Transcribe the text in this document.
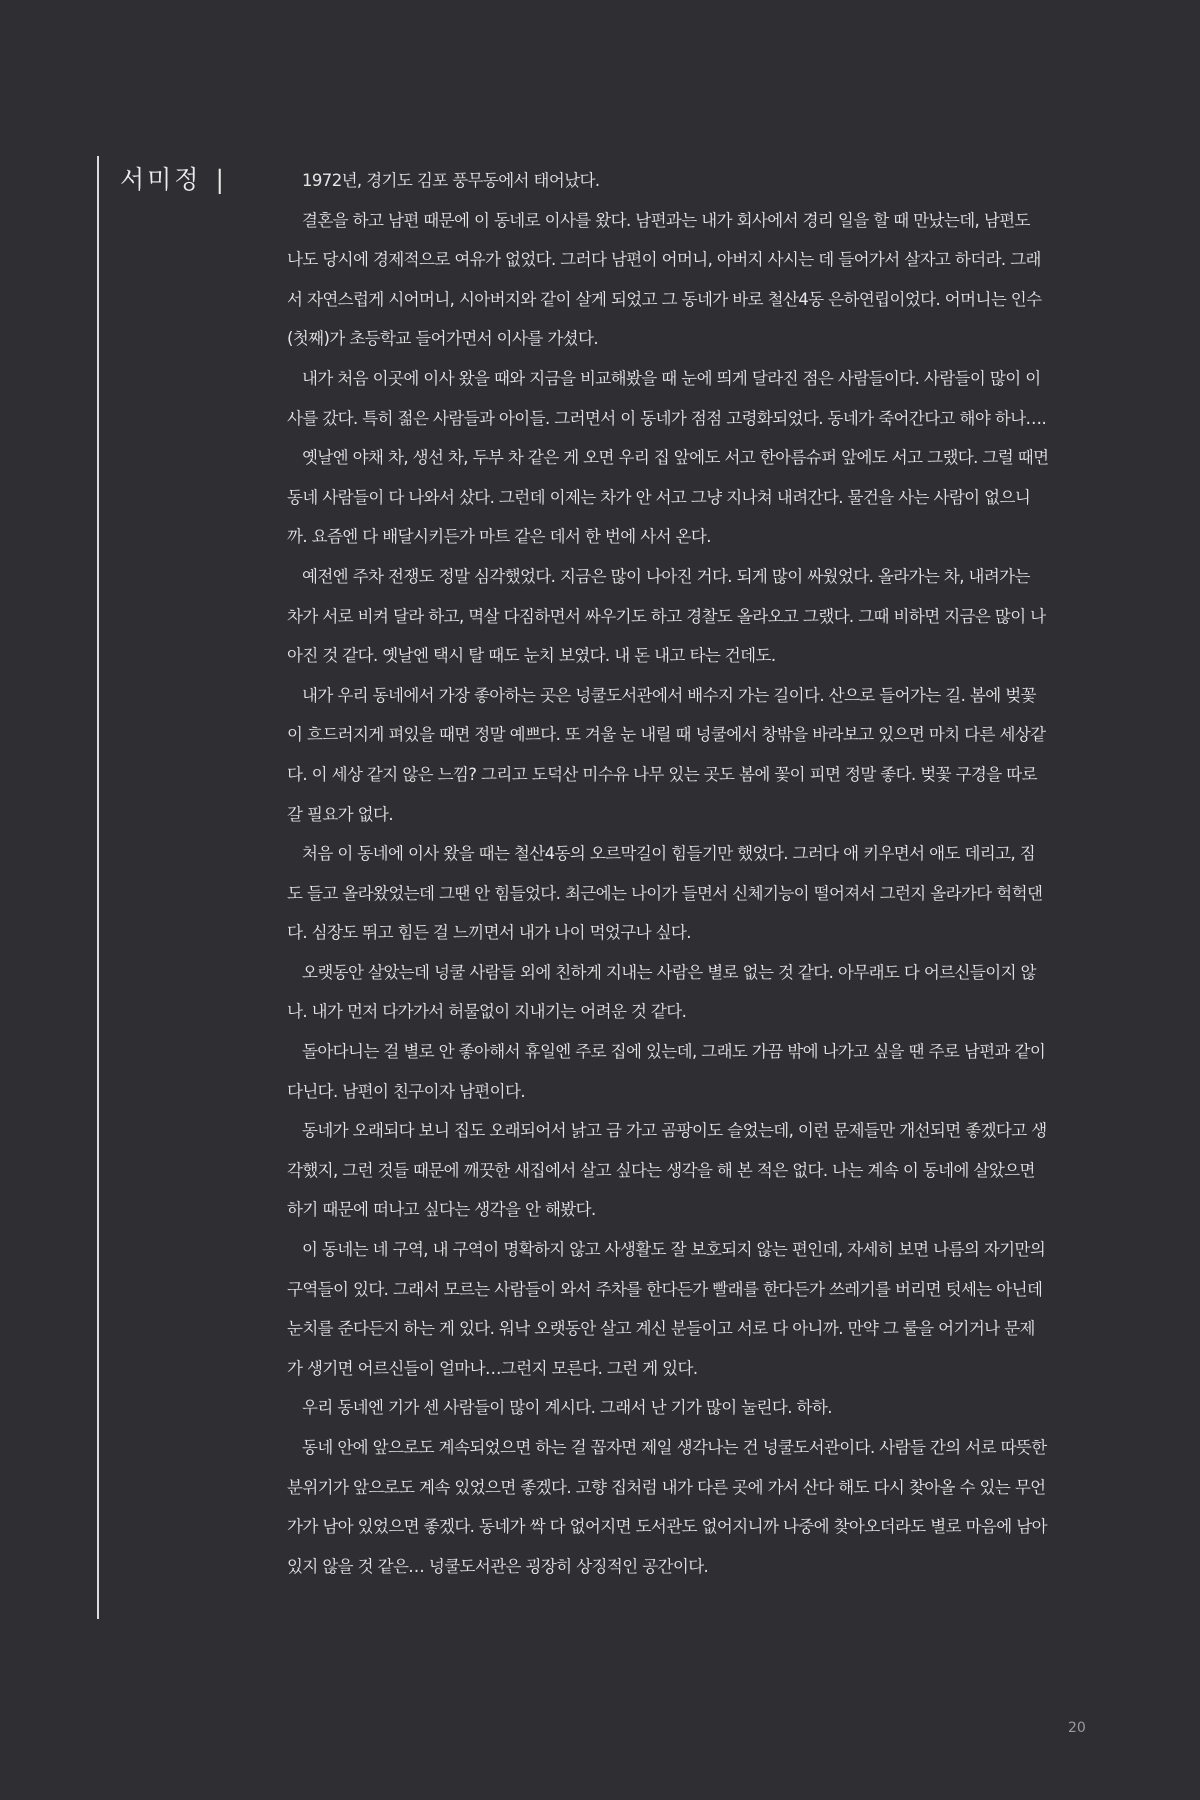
서미정 |	1972년, 경기도 김포 풍무동에서 태어났다.

결혼을 하고 남편 때문에 이 동네로 이사를 왔다. 남편과는 내가 회사에서 경리 일을 할 때 만났는데, 남편도 나도 당시에 경제적으로 여유가 없었다. 그러다 남편이 어머니, 아버지 사시는 데 들어가서 살자고 하더라. 그래서 자연스럽게 시어머니, 시아버지와 같이 살게 되었고 그 동네가 바로 철산4동 은하연립이었다. 어머니는 인수(첫째)가 초등학교 들어가면서 이사를 가셨다.

내가 처음 이곳에 이사 왔을 때와 지금을 비교해봤을 때 눈에 띄게 달라진 점은 사람들이다. 사람들이 많이 이사를 갔다. 특히 젊은 사람들과 아이들. 그러면서 이 동네가 점점 고령화되었다. 동네가 죽어간다고 해야 하나….

옛날엔 야채 차, 생선 차, 두부 차 같은 게 오면 우리 집 앞에도 서고 한아름슈퍼 앞에도 서고 그랬다. 그럴 때면 동네 사람들이 다 나와서 샀다. 그런데 이제는 차가 안 서고 그냥 지나쳐 내려간다. 물건을 사는 사람이 없으니까. 요즘엔 다 배달시키든가 마트 같은 데서 한 번에 사서 온다.

예전엔 주차 전쟁도 정말 심각했었다. 지금은 많이 나아진 거다. 되게 많이 싸웠었다. 올라가는 차, 내려가는 차가 서로 비켜 달라 하고, 멱살 다짐하면서 싸우기도 하고 경찰도 올라오고 그랬다. 그때 비하면 지금은 많이 나아진 것 같다. 옛날엔 택시 탈 때도 눈치 보였다. 내 돈 내고 타는 건데도.

내가 우리 동네에서 가장 좋아하는 곳은 넝쿨도서관에서 배수지 가는 길이다. 산으로 들어가는 길. 봄에 벚꽃이 흐드러지게 펴있을 때면 정말 예쁘다. 또 겨울 눈 내릴 때 넝쿨에서 창밖을 바라보고 있으면 마치 다른 세상같다. 이 세상 같지 않은 느낌? 그리고 도덕산 미수유 나무 있는 곳도 봄에 꽃이 피면 정말 좋다. 벚꽃 구경을 따로 갈 필요가 없다.

처음 이 동네에 이사 왔을 때는 철산4동의 오르막길이 힘들기만 했었다. 그러다 애 키우면서 애도 데리고, 짐도 들고 올라왔었는데 그땐 안 힘들었다. 최근에는 나이가 들면서 신체기능이 떨어져서 그런지 올라가다 헉헉댄다. 심장도 뛰고 힘든 걸 느끼면서 내가 나이 먹었구나 싶다.

오랫동안 살았는데 넝쿨 사람들 외에 친하게 지내는 사람은 별로 없는 것 같다. 아무래도 다 어르신들이지 않나. 내가 먼저 다가가서 허물없이 지내기는 어려운 것 같다.

돌아다니는 걸 별로 안 좋아해서 휴일엔 주로 집에 있는데, 그래도 가끔 밖에 나가고 싶을 땐 주로 남편과 같이 다닌다. 남편이 친구이자 남편이다.

동네가 오래되다 보니 집도 오래되어서 낡고 금 가고 곰팡이도 슬었는데, 이런 문제들만 개선되면 좋겠다고 생각했지, 그런 것들 때문에 깨끗한 새집에서 살고 싶다는 생각을 해 본 적은 없다. 나는 계속 이 동네에 살았으면 하기 때문에 떠나고 싶다는 생각을 안 해봤다.

이 동네는 네 구역, 내 구역이 명확하지 않고 사생활도 잘 보호되지 않는 편인데, 자세히 보면 나름의 자기만의 구역들이 있다. 그래서 모르는 사람들이 와서 주차를 한다든가 빨래를 한다든가 쓰레기를 버리면 텃세는 아닌데 눈치를 준다든지 하는 게 있다. 워낙 오랫동안 살고 계신 분들이고 서로 다 아니까. 만약 그 룰을 어기거나 문제가 생기면 어르신들이 얼마나…그런지 모른다. 그런 게 있다.

우리 동네엔 기가 센 사람들이 많이 계시다. 그래서 난 기가 많이 눌린다. 하하.

동네 안에 앞으로도 계속되었으면 하는 걸 꼽자면 제일 생각나는 건 넝쿨도서관이다. 사람들 간의 서로 따뜻한 분위기가 앞으로도 계속 있었으면 좋겠다. 고향 집처럼 내가 다른 곳에 가서 산다 해도 다시 찾아올 수 있는 무언가가 남아 있었으면 좋겠다. 동네가 싹 다 없어지면 도서관도 없어지니까 나중에 찾아오더라도 별로 마음에 남아있지 않을 것 같은… 넝쿨도서관은 굉장히 상징적인 공간이다.

20
